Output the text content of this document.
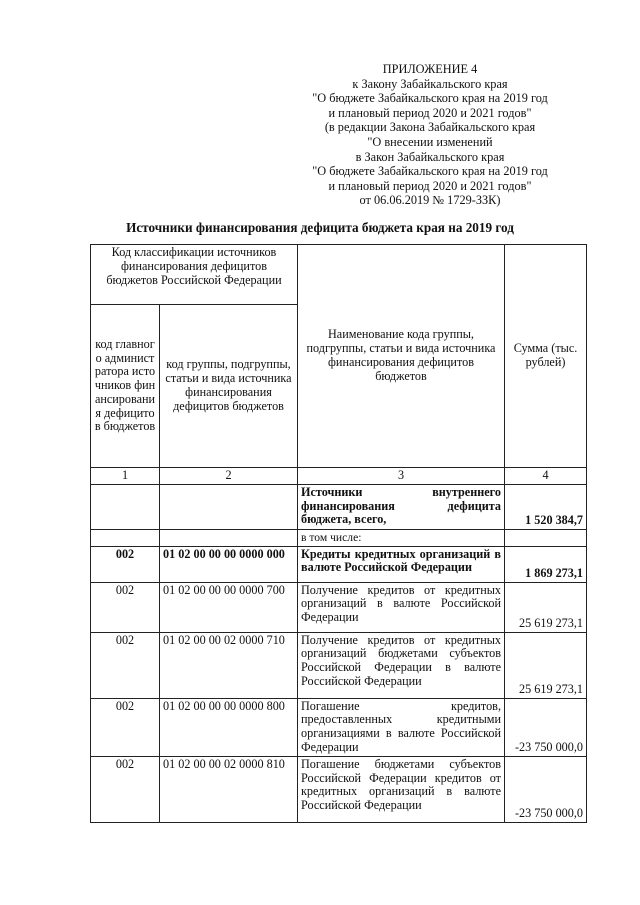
ПРИЛОЖЕНИЕ 4
к Закону Забайкальского края
"О бюджете Забайкальского края на 2019 год
и плановый период 2020 и 2021 годов"
(в редакции Закона Забайкальского края
"О внесении изменений
в Закон Забайкальского края
"О бюджете Забайкальского края на 2019 год
и плановый период 2020 и 2021 годов"
от 06.06.2019 № 1729-ЗЗК)
Источники финансирования дефицита бюджета края на 2019 год
Код классификации источников финансирования дефицитов бюджетов Российской Федерации		Наименование кода группы, подгруппы, статьи и вида источника финансирования дефицитов бюджетов	Сумма (тыс. рублей)
код главного администратора источников финансирования дефицитов бюджетов	код группы, подгруппы, статьи и вида источника финансирования дефицитов бюджетов		
1	2	3	4
		Источники внутреннего финансирования дефицита бюджета, всего,	1 520 384,7
		в том числе:	
002	01 02 00 00 00 0000 000	Кредиты кредитных организаций в валюте Российской Федерации	1 869 273,1
002	01 02 00 00 00 0000 700	Получение кредитов от кредитных организаций в валюте Российской Федерации	25 619 273,1
002	01 02 00 00 02 0000 710	Получение кредитов от кредитных организаций бюджетами субъектов Российской Федерации в валюте Российской Федерации	25 619 273,1
002	01 02 00 00 00 0000 800	Погашение кредитов, предоставленных кредитными организациями в валюте Российской Федерации	-23 750 000,0
002	01 02 00 00 02 0000 810	Погашение бюджетами субъектов Российской Федерации кредитов от кредитных организаций в валюте Российской Федерации	-23 750 000,0
